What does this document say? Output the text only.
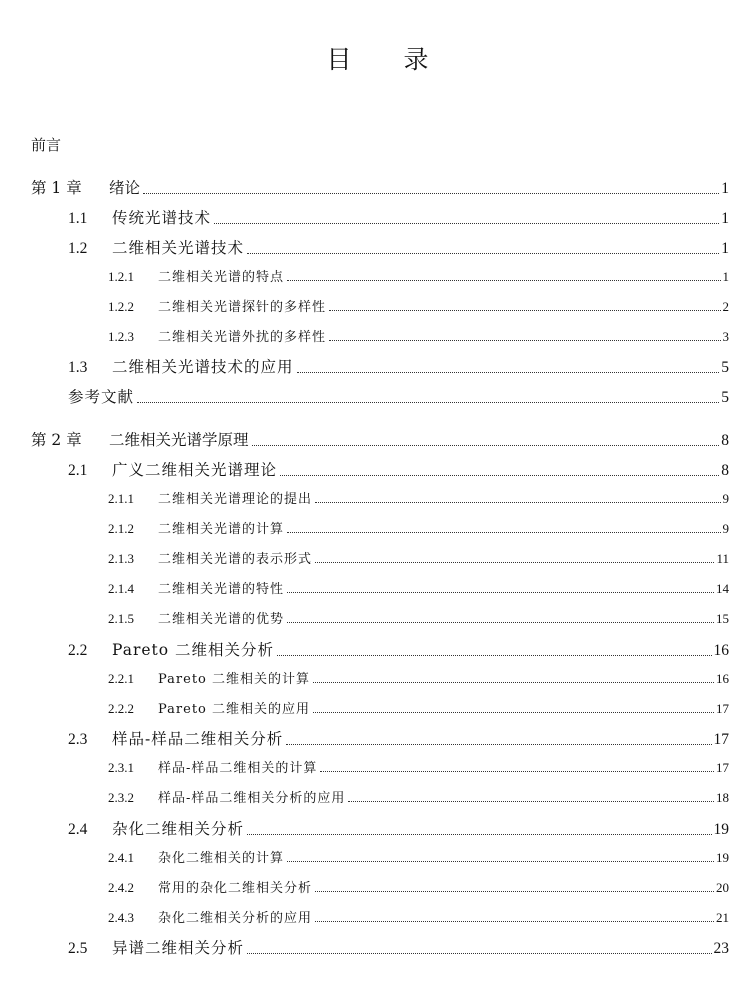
目 录
前言
第 1 章	绪论	1
1.1	传统光谱技术	1
1.2	二维相关光谱技术	1
1.2.1	二维相关光谱的特点	1
1.2.2	二维相关光谱探针的多样性	2
1.2.3	二维相关光谱外扰的多样性	3
1.3	二维相关光谱技术的应用	5
参考文献	5
第 2 章	二维相关光谱学原理	8
2.1	广义二维相关光谱理论	8
2.1.1	二维相关光谱理论的提出	9
2.1.2	二维相关光谱的计算	9
2.1.3	二维相关光谱的表示形式	11
2.1.4	二维相关光谱的特性	14
2.1.5	二维相关光谱的优势	15
2.2	Pareto 二维相关分析	16
2.2.1	Pareto 二维相关的计算	16
2.2.2	Pareto 二维相关的应用	17
2.3	样品-样品二维相关分析	17
2.3.1	样品-样品二维相关的计算	17
2.3.2	样品-样品二维相关分析的应用	18
2.4	杂化二维相关分析	19
2.4.1	杂化二维相关的计算	19
2.4.2	常用的杂化二维相关分析	20
2.4.3	杂化二维相关分析的应用	21
2.5	异谱二维相关分析	23
